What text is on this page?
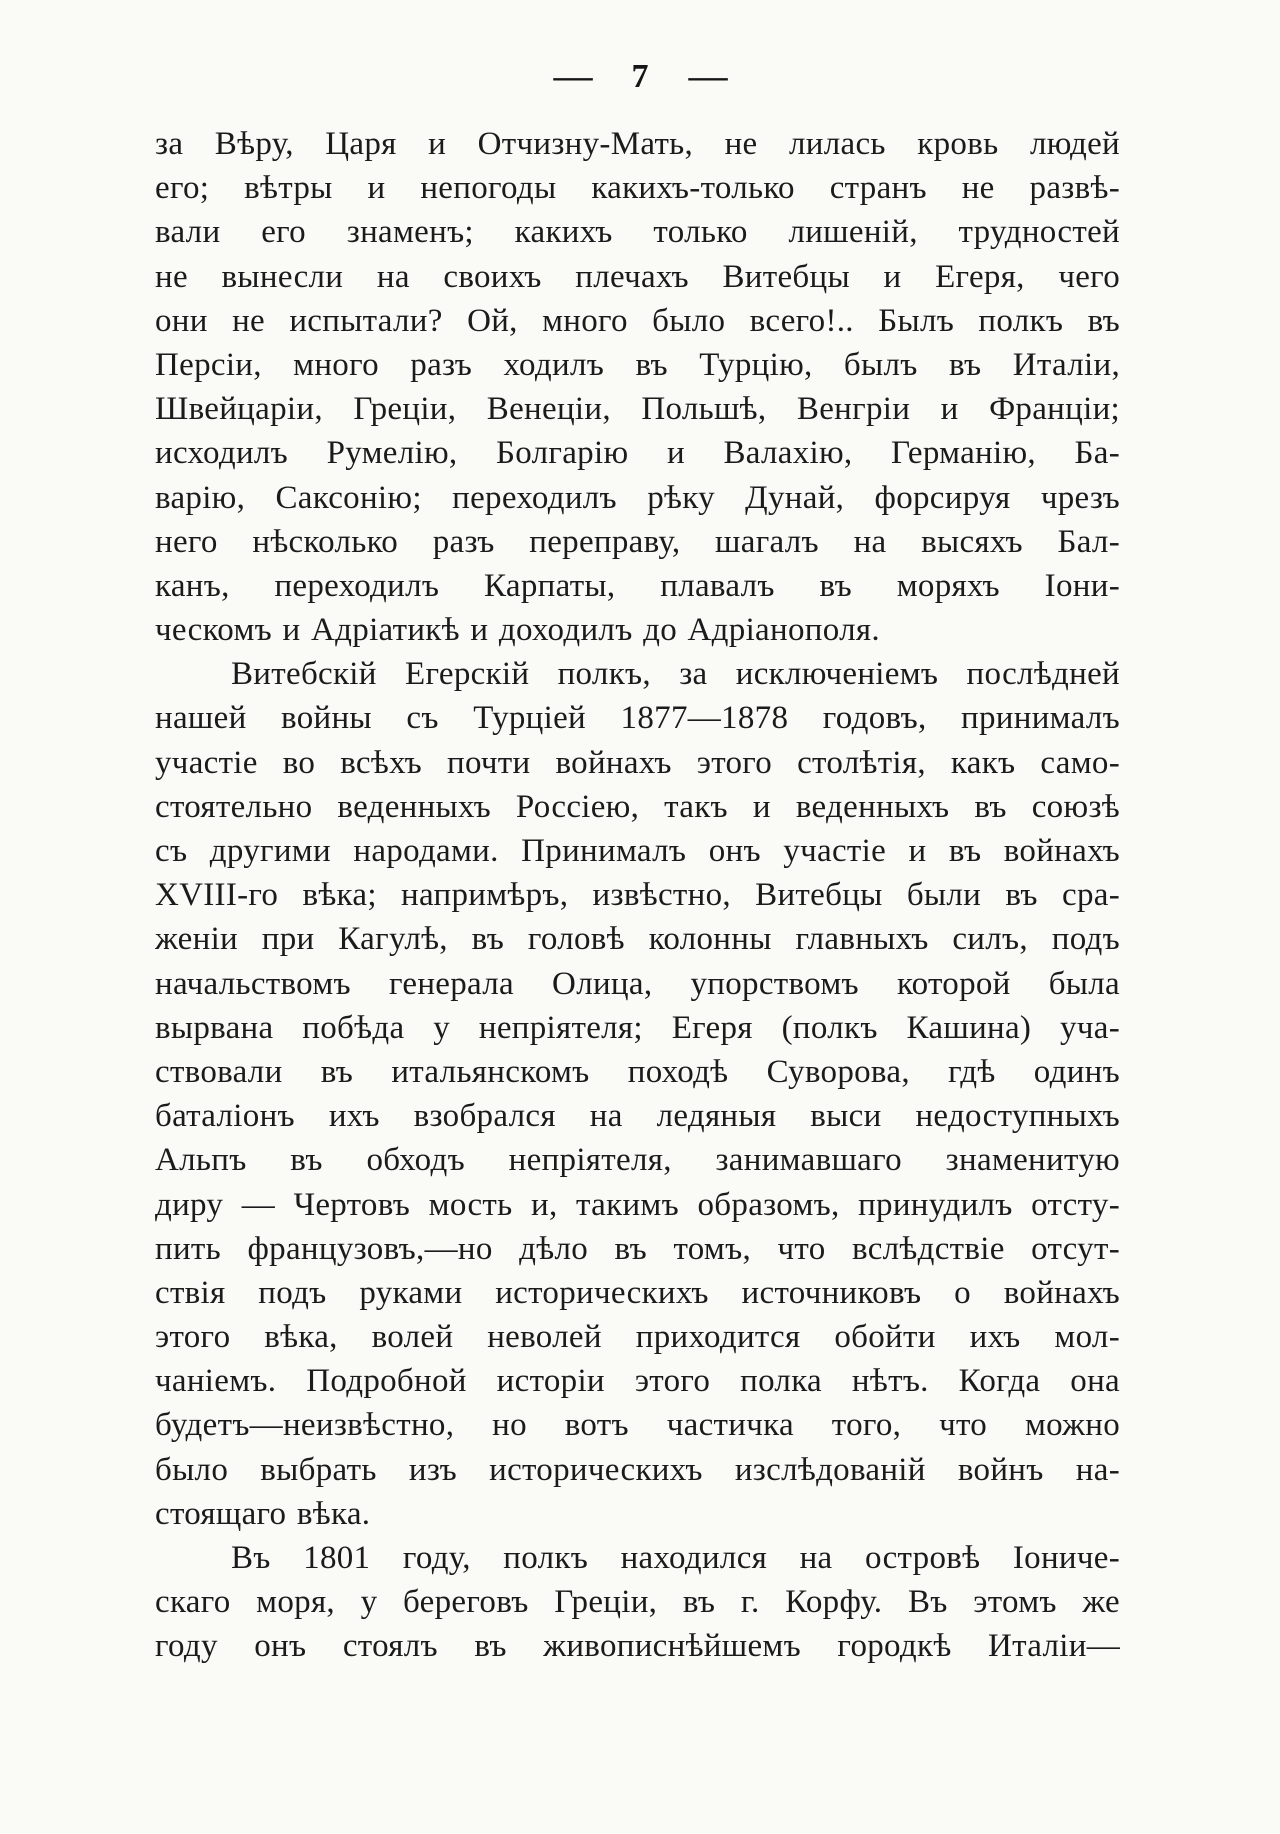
— 7 —
за Вѣру, Царя и Отчизну-Мать, не лилась кровь людей
его; вѣтры и непогоды какихъ-только странъ не развѣ-
вали его знаменъ; какихъ только лишеній, трудностей
не вынесли на своихъ плечахъ Витебцы и Егеря, чего
они не испытали? Ой, много было всего!.. Былъ полкъ въ
Персіи, много разъ ходилъ въ Турцію, былъ въ Италіи,
Швейцаріи, Греціи, Венеціи, Польшѣ, Венгріи и Франціи;
исходилъ Румелію, Болгарію и Валахію, Германію, Ба-
варію, Саксонію; переходилъ рѣку Дунай, форсируя чрезъ
него нѣсколько разъ переправу, шагалъ на высяхъ Бал-
канъ, переходилъ Карпаты, плавалъ въ моряхъ Іони-
ческомъ и Адріатикѣ и доходилъ до Адріанополя.
Витебскій Егерскій полкъ, за исключеніемъ послѣдней
нашей войны съ Турціей 1877—1878 годовъ, принималъ
участіе во всѣхъ почти войнахъ этого столѣтія, какъ само-
стоятельно веденныхъ Россіею, такъ и веденныхъ въ союзѣ
съ другими народами. Принималъ онъ участіе и въ войнахъ
XVIII-го вѣка; напримѣръ, извѣстно, Витебцы были въ сра-
женіи при Кагулѣ, въ головѣ колонны главныхъ силъ, подъ
начальствомъ генерала Олица, упорствомъ которой была
вырвана побѣда у непріятеля; Егеря (полкъ Кашина) уча-
ствовали въ итальянскомъ походѣ Суворова, гдѣ одинъ
баталіонъ ихъ взобрался на ледяныя выси недоступныхъ
Альпъ въ обходъ непріятеля, занимавшаго знаменитую
диру — Чертовъ мость и, такимъ образомъ, принудилъ отсту-
пить французовъ,—но дѣло въ томъ, что вслѣдствіе отсут-
ствія подъ руками историческихъ источниковъ о войнахъ
этого вѣка, волей неволей приходится обойти ихъ мол-
чаніемъ. Подробной исторіи этого полка нѣтъ. Когда она
будетъ—неизвѣстно, но вотъ частичка того, что можно
было выбрать изъ историческихъ изслѣдованій войнъ на-
стоящаго вѣка.
Въ 1801 году, полкъ находился на островѣ Іониче-
скаго моря, у береговъ Греціи, въ г. Корфу. Въ этомъ же
году онъ стоялъ въ живописнѣйшемъ городкѣ Италіи—
